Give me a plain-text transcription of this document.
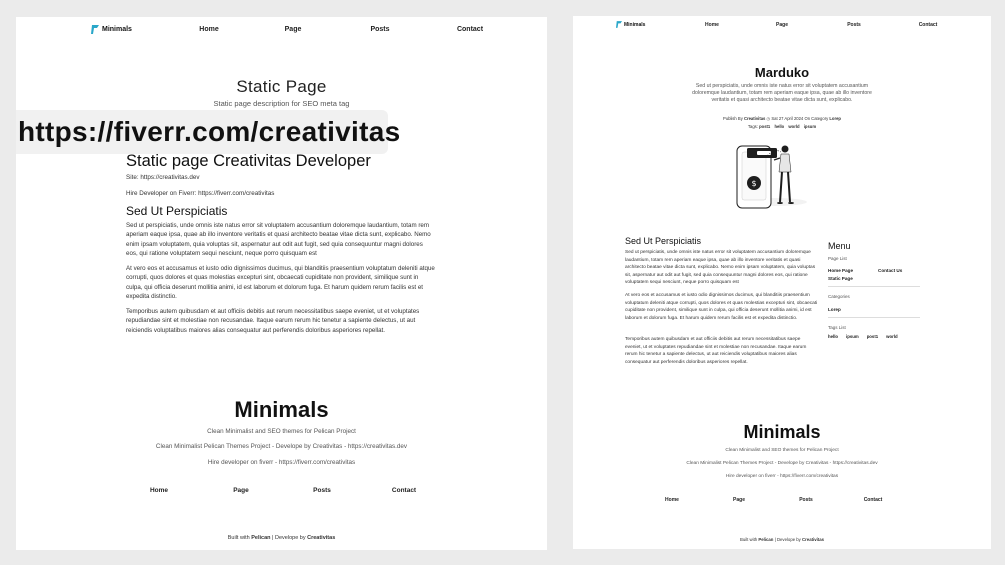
Minimals	Home	Page	Posts	Contact
Static Page
Static page description for SEO meta tag
https://fiverr.com/creativitas
Static page Creativitas Developer
Site: https://creativitas.dev
Hire Developer on Fiverr: https://fiverr.com/creativitas
Sed Ut Perspiciatis

Sed ut perspiciatis, unde omnis iste natus error sit voluptatem accusantium doloremque laudantium, totam rem aperiam eaque ipsa, quae ab illo inventore veritatis et quasi architecto beatae vitae dicta sunt, explicabo. Nemo enim ipsam voluptatem, quia voluptas sit, aspernatur aut odit aut fugit, sed quia consequuntur magni dolores eos, qui ratione voluptatem sequi nesciunt, neque porro quisquam est

At vero eos et accusamus et iusto odio dignissimos ducimus, qui blanditiis praesentium voluptatum deleniti atque corrupti, quos dolores et quas molestias excepturi sint, obcaecati cupiditate non provident, similique sunt in culpa, qui officia deserunt mollitia animi, id est laborum et dolorum fuga. Et harum quidem rerum facilis est et expedita distinctio.

Temporibus autem quibusdam et aut officiis debitis aut rerum necessitatibus saepe eveniet, ut et voluptates repudiandae sint et molestiae non recusandae. Itaque earum rerum hic tenetur a sapiente delectus, ut aut reiciendis voluptatibus maiores alias consequatur aut perferendis doloribus asperiores repellat.

Minimals
Clean Minimalist and SEO themes for Pelican Project
Clean Minimalist Pelican Themes Project - Develope by Creativitas - https://creativitas.dev
Hire developer on fiverr - https://fiverr.com/creativitas
Home	Page	Posts	Contact
Built with Pelican | Develope by Creativitas
Minimals	Home	Page	Posts	Contact
Marduko

Sed ut perspiciatis, unde omnis iste natus error sit voluptatem accusantium doloremque laudantium, totam rem aperiam eaque ipsa, quae ab illo inventore veritatis et quasi architecto beatae vitae dicta sunt, explicabo.

Publish By Creativitas ◷ Sat 27 April 2024 On Category Lorep
Tags: post1 hello world ipsum
$
Sed Ut Perspiciatis

Sed ut perspiciatis, unde omnis iste natus error sit voluptatem accusantium doloremque laudantium, totam rem aperiam eaque ipsa, quae ab illo inventore veritatis et quasi architecto beatae vitae dicta sunt, explicabo. Nemo enim ipsam voluptatem, quia voluptas sit, aspernatur aut odit aut fugit, sed quia consequuntur magni dolores eos, qui ratione voluptatem sequi nesciunt, neque porro quisquam est

At vero eos et accusamus et iusto odio dignissimos ducimus, qui blanditiis praesentium voluptatum deleniti atque corrupti, quos dolores et quas molestias excepturi sint, obcaecati cupiditate non provident, similique sunt in culpa, qui officia deserunt mollitia animi, id est laborum et dolorum fuga. Et harum quidem rerum facilis est et expedita distinctio.

Temporibus autem quibusdam et aut officiis debitis aut rerum necessitatibus saepe eveniet, ut et voluptates repudiandae sint et molestiae non recusandae. Itaque earum rerum hic tenetur a sapiente delectus, ut aut reiciendis voluptatibus maiores alias consequatur aut perferendis doloribus asperiores repellat.

Menu
Page List
Home Page	Contact Us
Static Page
Categories
Lorep
Tags List
hello ipsum post1 world
Minimals
Clean Minimalist and SEO themes for Pelican Project
Clean Minimalist Pelican Themes Project - Develope by Creativitas - https://creativitas.dev
Hire developer on fiverr - https://fiverr.com/creativitas
Home	Page	Posts	Contact
Built with Pelican | Develope by Creativitas
